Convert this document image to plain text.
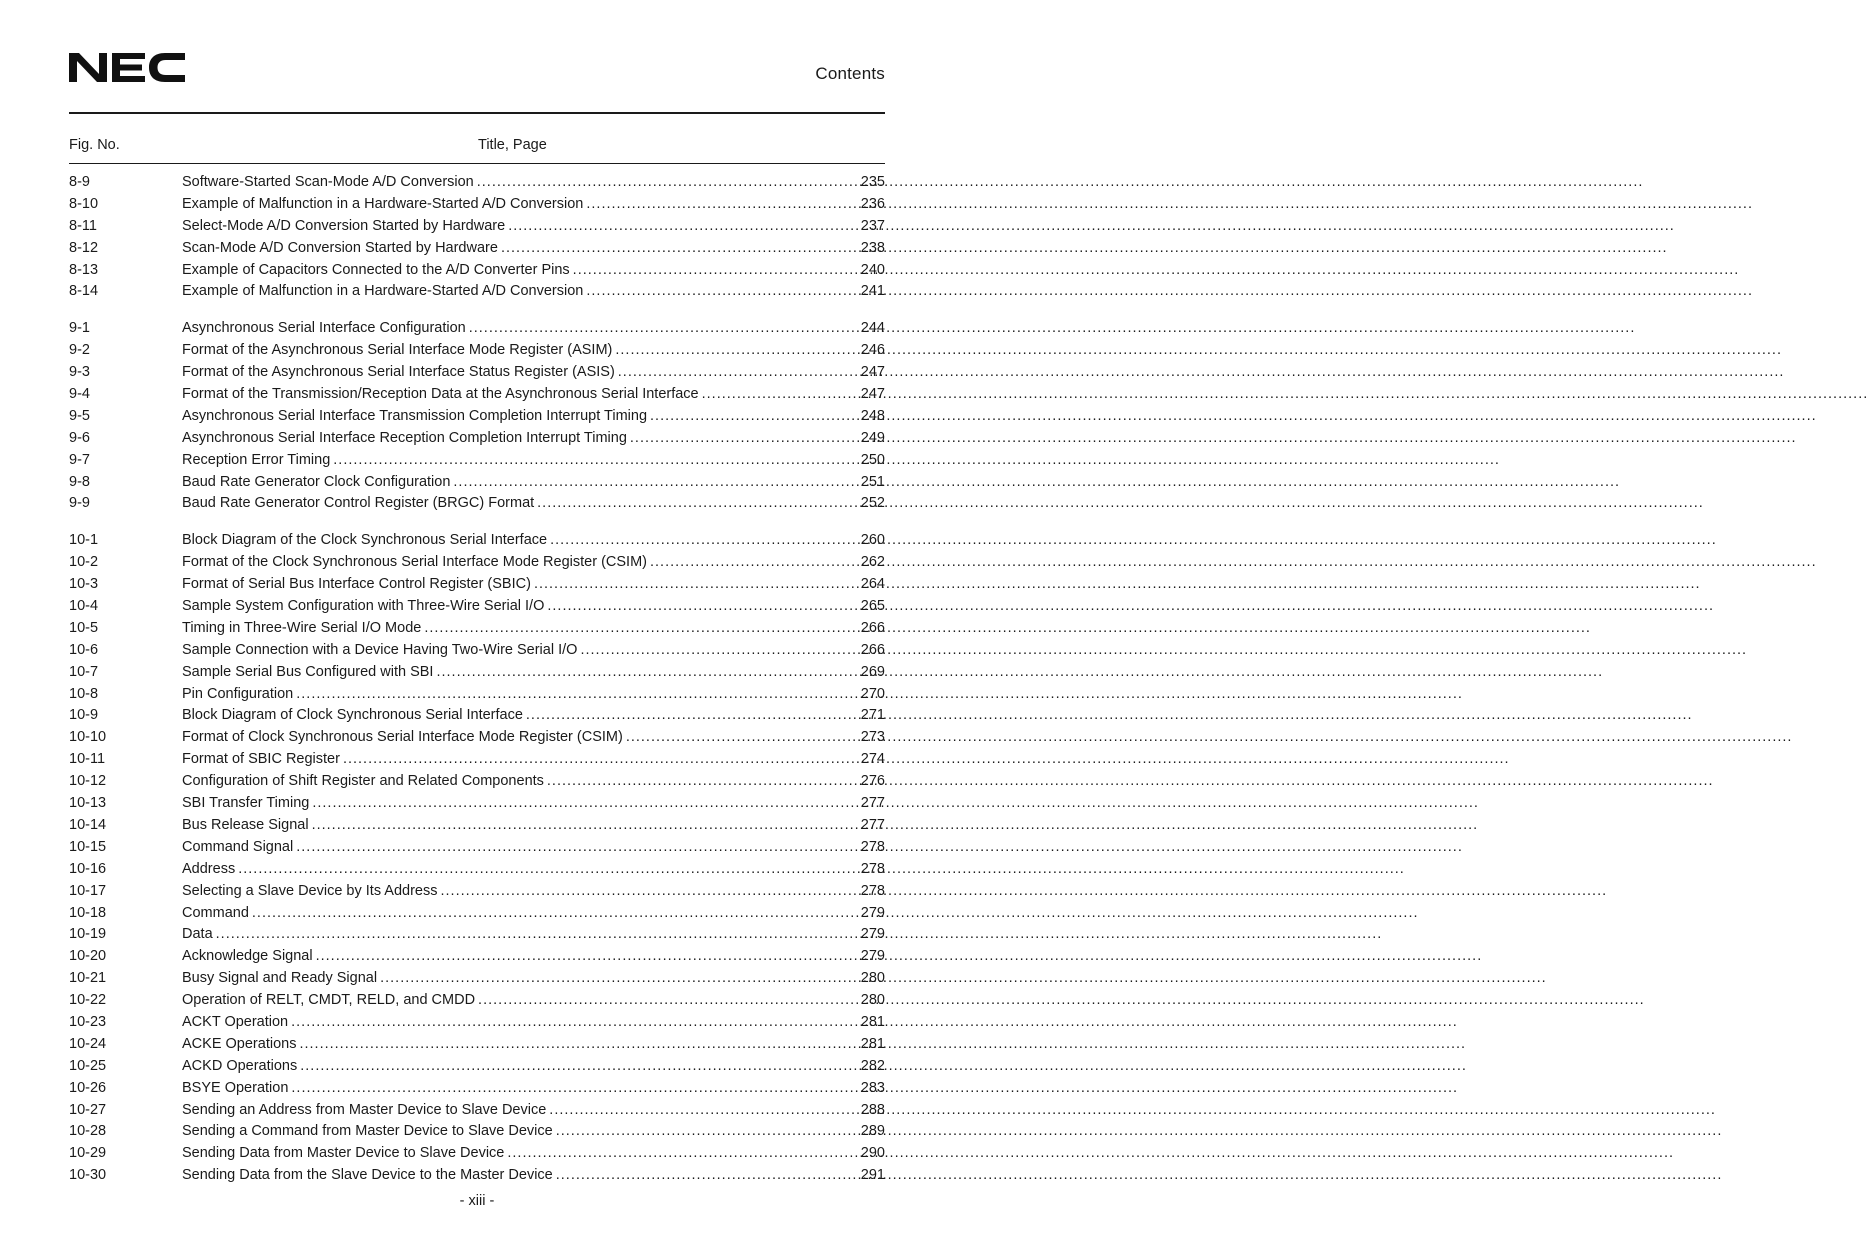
Contents
Fig. No.	Title, Page
8-9	Software-Started Scan-Mode A/D Conversion .....	235
8-10	Example of Malfunction in a Hardware-Started A/D Conversion .....	236
8-11	Select-Mode A/D Conversion Started by Hardware .....	237
8-12	Scan-Mode A/D Conversion Started by Hardware .....	238
8-13	Example of Capacitors Connected to the A/D Converter Pins .....	240
8-14	Example of Malfunction in a Hardware-Started A/D Conversion .....	241
9-1	Asynchronous Serial Interface Configuration .....	244
9-2	Format of the Asynchronous Serial Interface Mode Register (ASIM) .....	246
9-3	Format of the Asynchronous Serial Interface Status Register (ASIS) .....	247
9-4	Format of the Transmission/Reception Data at the Asynchronous Serial Interface .....	247
9-5	Asynchronous Serial Interface Transmission Completion Interrupt Timing .....	248
9-6	Asynchronous Serial Interface Reception Completion Interrupt Timing .....	249
9-7	Reception Error Timing .....	250
9-8	Baud Rate Generator Clock Configuration .....	251
9-9	Baud Rate Generator Control Register (BRGC) Format .....	252
10-1	Block Diagram of the Clock Synchronous Serial Interface .....	260
10-2	Format of the Clock Synchronous Serial Interface Mode Register (CSIM) .....	262
10-3	Format of Serial Bus Interface Control Register (SBIC) .....	264
10-4	Sample System Configuration with Three-Wire Serial I/O .....	265
10-5	Timing in Three-Wire Serial I/O Mode .....	266
10-6	Sample Connection with a Device Having Two-Wire Serial I/O .....	266
10-7	Sample Serial Bus Configured with SBI .....	269
10-8	Pin Configuration .....	270
10-9	Block Diagram of Clock Synchronous Serial Interface .....	271
10-10	Format of Clock Synchronous Serial Interface Mode Register (CSIM) .....	273
10-11	Format of SBIC Register .....	274
10-12	Configuration of Shift Register and Related Components .....	276
10-13	SBI Transfer Timing .....	277
10-14	Bus Release Signal .....	277
10-15	Command Signal .....	278
10-16	Address .....	278
10-17	Selecting a Slave Device by Its Address .....	278
10-18	Command .....	279
10-19	Data .....	279
10-20	Acknowledge Signal .....	279
10-21	Busy Signal and Ready Signal .....	280
10-22	Operation of RELT, CMDT, RELD, and CMDD .....	280
10-23	ACKT Operation .....	281
10-24	ACKE Operations .....	281
10-25	ACKD Operations .....	282
10-26	BSYE Operation .....	283
10-27	Sending an Address from Master Device to Slave Device .....	288
10-28	Sending a Command from Master Device to Slave Device .....	289
10-29	Sending Data from Master Device to Slave Device .....	290
10-30	Sending Data from the Slave Device to the Master Device .....	291
- xiii -
